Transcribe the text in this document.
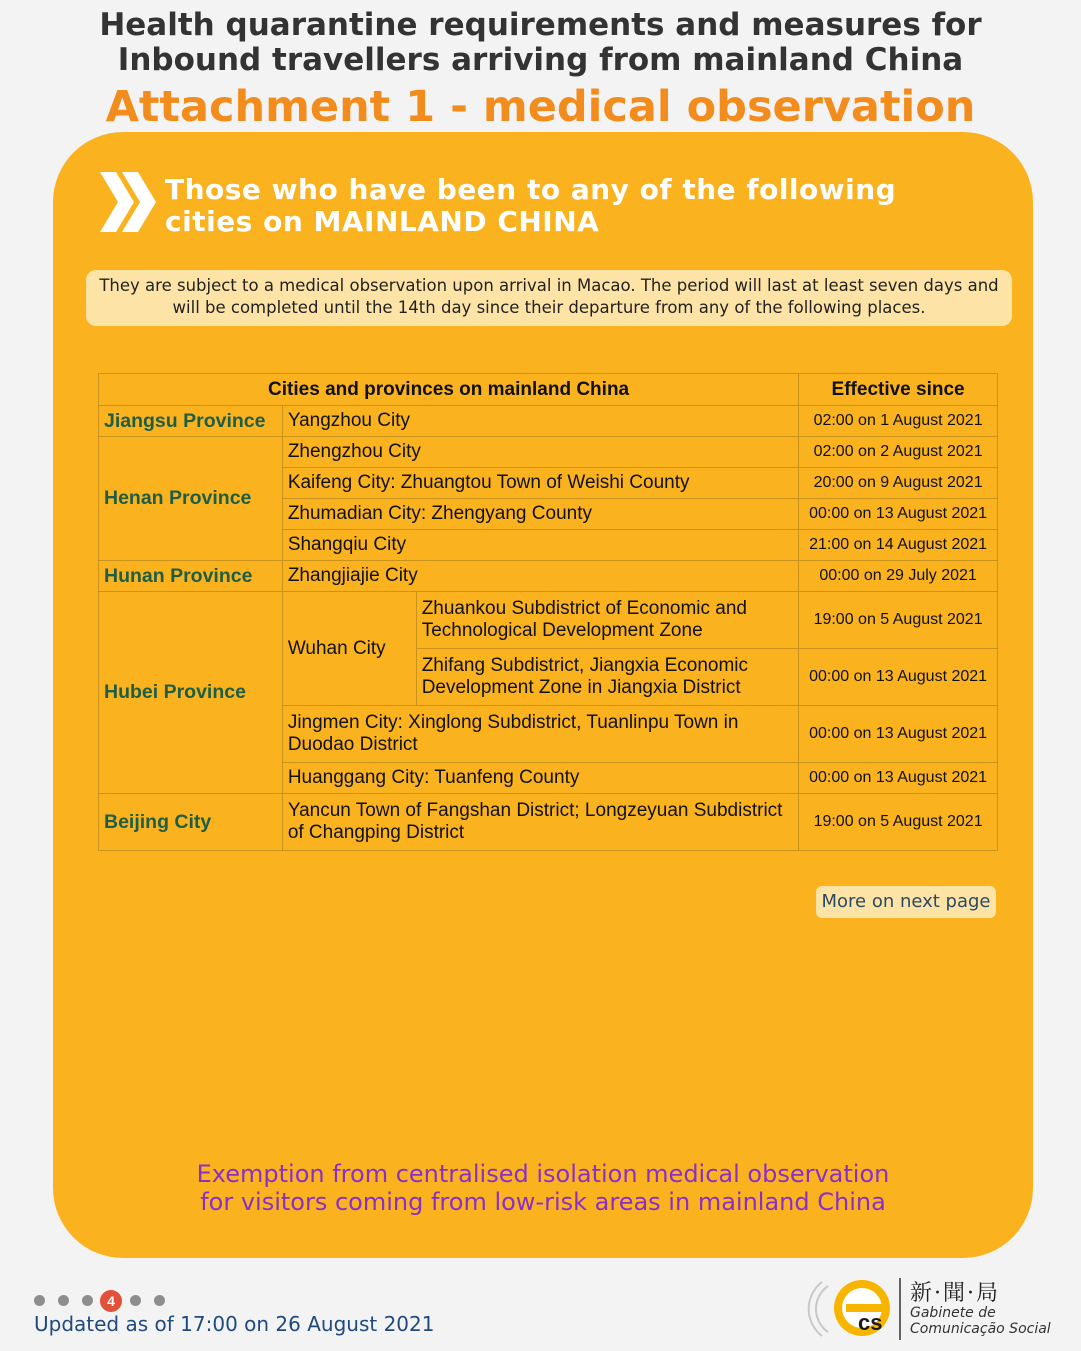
Health quarantine requirements and measures for
Inbound travellers arriving from mainland China
Attachment 1 - medical observation
Those who have been to any of the following
cities on MAINLAND CHINA
They are subject to a medical observation upon arrival in Macao. The period will last at least seven days and
will be completed until the 14th day since their departure from any of the following places.
Cities and provinces on mainland China			Effective since
Jiangsu Province	Yangzhou City		02:00 on 1 August 2021
Henan Province	Zhengzhou City		02:00 on 2 August 2021
	Kaifeng City: Zhuangtou Town of Weishi County		20:00 on 9 August 2021
	Zhumadian City: Zhengyang County		00:00 on 13 August 2021
	Shangqiu City		21:00 on 14 August 2021
Hunan Province	Zhangjiajie City		00:00 on 29 July 2021
Hubei Province	Wuhan City	Zhuankou Subdistrict of Economic and Technological Development Zone	19:00 on 5 August 2021
		Zhifang Subdistrict, Jiangxia Economic Development Zone in Jiangxia District	00:00 on 13 August 2021
	Jingmen City: Xinglong Subdistrict, Tuanlinpu Town in Duodao District		00:00 on 13 August 2021
	Huanggang City: Tuanfeng County		00:00 on 13 August 2021
Beijing City	Yancun Town of Fangshan District; Longzeyuan Subdistrict of Changping District		19:00 on 5 August 2021
More on next page
Exemption from centralised isolation medical observation
for visitors coming from low-risk areas in mainland China
4
Updated as of 17:00 on 26 August 2021	cs
新·聞·局
Gabinete de
Comunicação Social
